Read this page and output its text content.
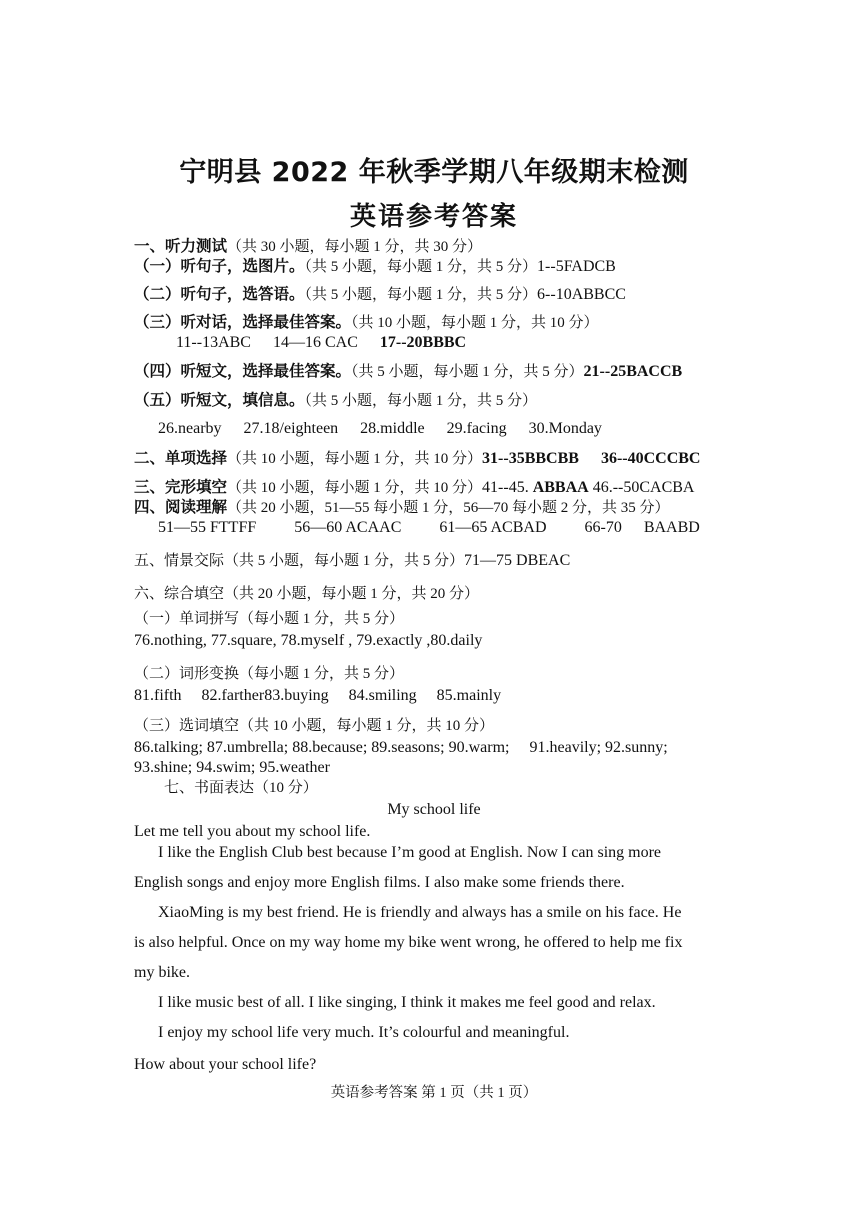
宁明县 2022 年秋季学期八年级期末检测
英语参考答案
一、听力测试（共 30 小题，每小题 1 分，共 30 分）
（一）听句子，选图片。（共 5 小题，每小题 1 分，共 5 分）1--5FADCB
（二）听句子，选答语。（共 5 小题，每小题 1 分，共 5 分）6--10ABBCC
（三）听对话，选择最佳答案。（共 10 小题，每小题 1 分，共 10 分）
11--13ABC 14—16 CAC 17--20BBBC
（四）听短文，选择最佳答案。（共 5 小题，每小题 1 分，共 5 分）21--25BACCB
（五）听短文，填信息。（共 5 小题，每小题 1 分，共 5 分）
26.nearby 27.18/eighteen 28.middle 29.facing 30.Monday
二、单项选择（共 10 小题，每小题 1 分，共 10 分）31--35BBCBB 36--40CCCBC
三、完形填空（共 10 小题，每小题 1 分，共 10 分）41--45. ABBAA 46.--50CACBA
四、阅读理解（共 20 小题，51—55 每小题 1 分，56—70 每小题 2 分，共 35 分）
51—55 FTTFF 56—60 ACAAC 61—65 ACBAD 66-70 BAABD
五、情景交际（共 5 小题，每小题 1 分，共 5 分）71—75 DBEAC
六、综合填空（共 20 小题，每小题 1 分，共 20 分）
（一）单词拼写（每小题 1 分，共 5 分）
76.nothing, 77.square, 78.myself , 79.exactly ,80.daily
（二）词形变换（每小题 1 分，共 5 分）
81.fifth 82.farther83.buying 84.smiling 85.mainly
（三）选词填空（共 10 小题，每小题 1 分，共 10 分）
86.talking; 87.umbrella; 88.because; 89.seasons; 90.warm; 91.heavily; 92.sunny;
93.shine; 94.swim; 95.weather
七、书面表达（10 分）
My school life
Let me tell you about my school life.
I like the English Club best because I’m good at English. Now I can sing more
English songs and enjoy more English films. I also make some friends there.
XiaoMing is my best friend. He is friendly and always has a smile on his face. He
is also helpful. Once on my way home my bike went wrong, he offered to help me fix
my bike.
I like music best of all. I like singing, I think it makes me feel good and relax.
I enjoy my school life very much. It’s colourful and meaningful.
How about your school life?
英语参考答案 第 1 页（共 1 页）
